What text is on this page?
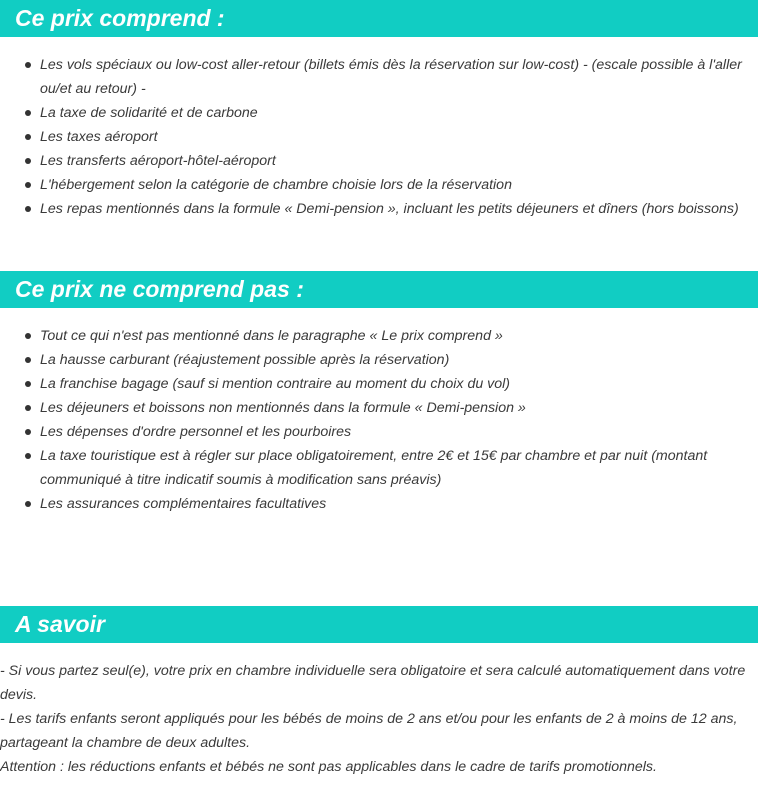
Ce prix comprend :
Les vols spéciaux ou low-cost aller-retour (billets émis dès la réservation sur low-cost) - (escale possible à l'aller ou/et au retour) -
La taxe de solidarité et de carbone
Les taxes aéroport
Les transferts aéroport-hôtel-aéroport
L'hébergement selon la catégorie de chambre choisie lors de la réservation
Les repas mentionnés dans la formule « Demi-pension », incluant les petits déjeuners et dîners (hors boissons)
Ce prix ne comprend pas :
Tout ce qui n'est pas mentionné dans le paragraphe « Le prix comprend »
La hausse carburant (réajustement possible après la réservation)
La franchise bagage (sauf si mention contraire au moment du choix du vol)
Les déjeuners et boissons non mentionnés dans la formule « Demi-pension »
Les dépenses d'ordre personnel et les pourboires
La taxe touristique est à régler sur place obligatoirement, entre 2€ et 15€ par chambre et par nuit (montant communiqué à titre indicatif soumis à modification sans préavis)
Les assurances complémentaires facultatives
A savoir

- Si vous partez seul(e), votre prix en chambre individuelle sera obligatoire et sera calculé automatiquement dans votre devis.

- Les tarifs enfants seront appliqués pour les bébés de moins de 2 ans et/ou pour les enfants de 2 à moins de 12 ans, partageant la chambre de deux adultes.

Attention : les réductions enfants et bébés ne sont pas applicables dans le cadre de tarifs promotionnels.
